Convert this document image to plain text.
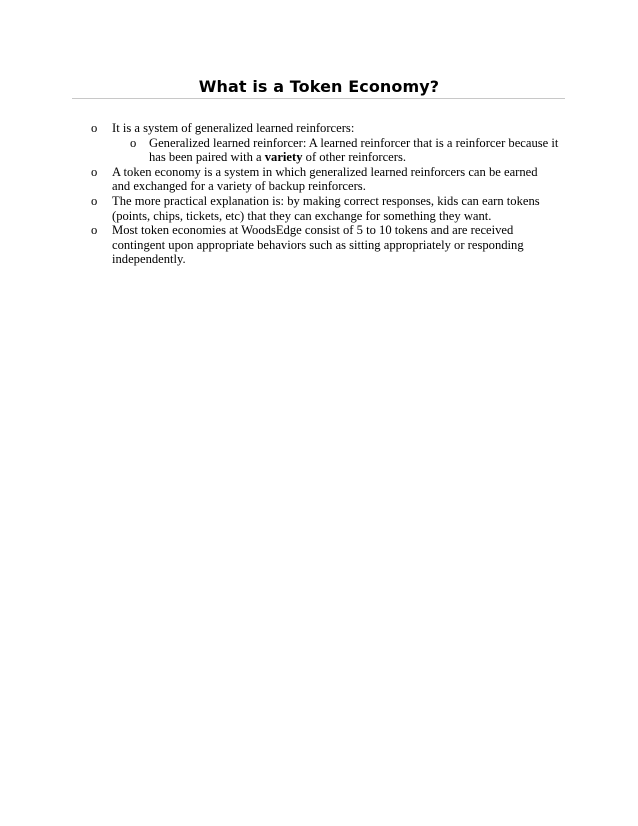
What is a Token Economy?

o It is a system of generalized learned reinforcers:

o Generalized learned reinforcer: A learned reinforcer that is a reinforcer because it has been paired with a variety of other reinforcers.

o A token economy is a system in which generalized learned reinforcers can be earned and exchanged for a variety of backup reinforcers.

o The more practical explanation is: by making correct responses, kids can earn tokens (points, chips, tickets, etc) that they can exchange for something they want.

o Most token economies at WoodsEdge consist of 5 to 10 tokens and are received contingent upon appropriate behaviors such as sitting appropriately or responding independently.
